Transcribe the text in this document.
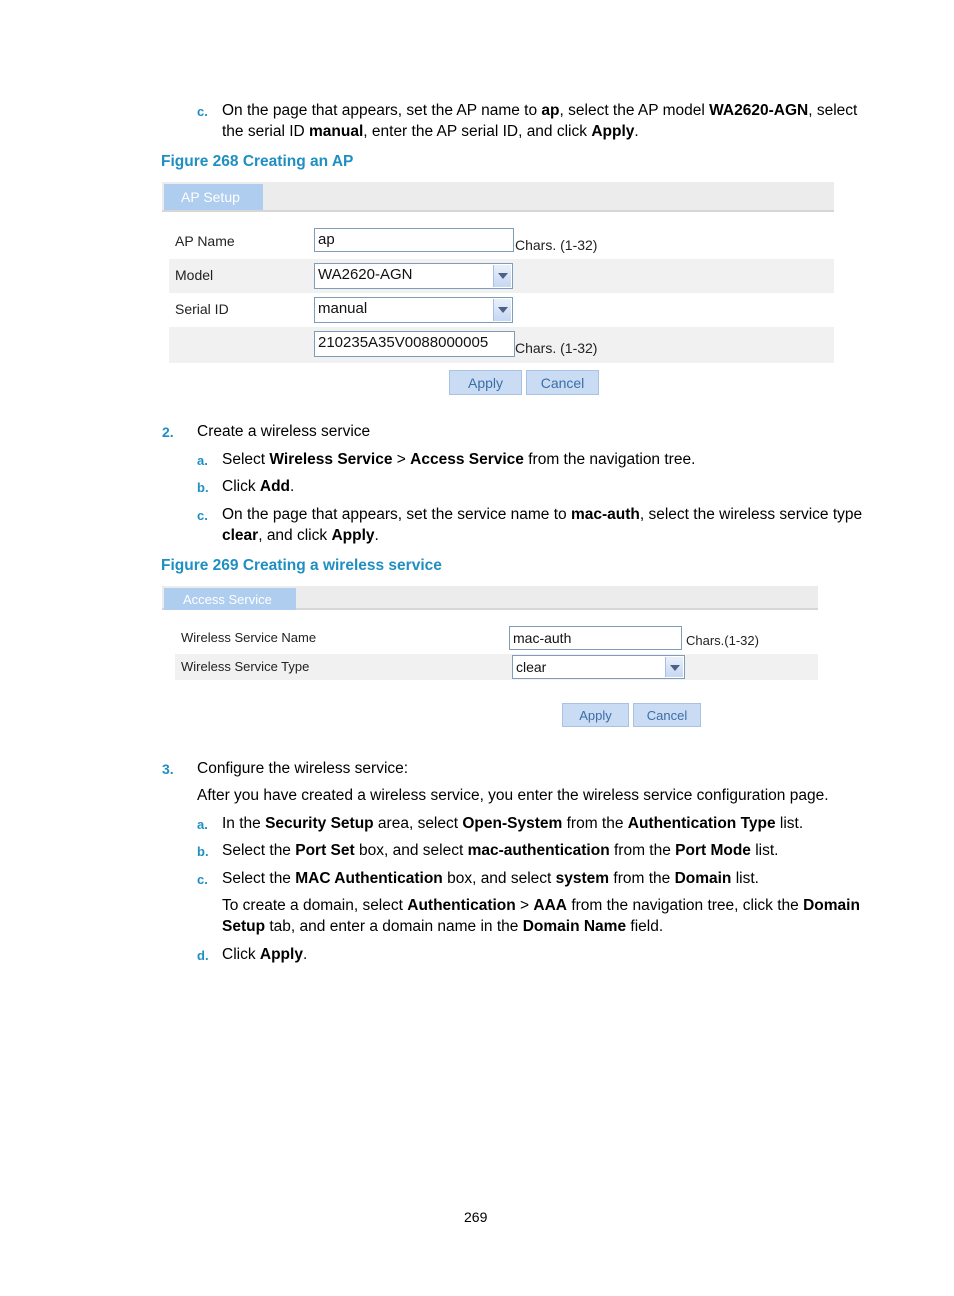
c. On the page that appears, set the AP name to ap, select the AP model WA2620-AGN, select
the serial ID manual, enter the AP serial ID, and click Apply.
Figure 268 Creating an AP
AP Setup
AP Name	ap	Chars. (1-32)
Model	WA2620-AGN
Serial ID	manual
210235A35V0088000005	Chars. (1-32)
Apply	Cancel
2. Create a wireless service
a. Select Wireless Service > Access Service from the navigation tree.
b. Click Add.
c. On the page that appears, set the service name to mac-auth, select the wireless service type
clear, and click Apply.
Figure 269 Creating a wireless service
Access Service
Wireless Service Name	mac-auth	Chars.(1-32)
Wireless Service Type	clear
Apply	Cancel
3. Configure the wireless service:
After you have created a wireless service, you enter the wireless service configuration page.
a. In the Security Setup area, select Open-System from the Authentication Type list.
b. Select the Port Set box, and select mac-authentication from the Port Mode list.
c. Select the MAC Authentication box, and select system from the Domain list.
To create a domain, select Authentication > AAA from the navigation tree, click the Domain
Setup tab, and enter a domain name in the Domain Name field.
d. Click Apply.
269
